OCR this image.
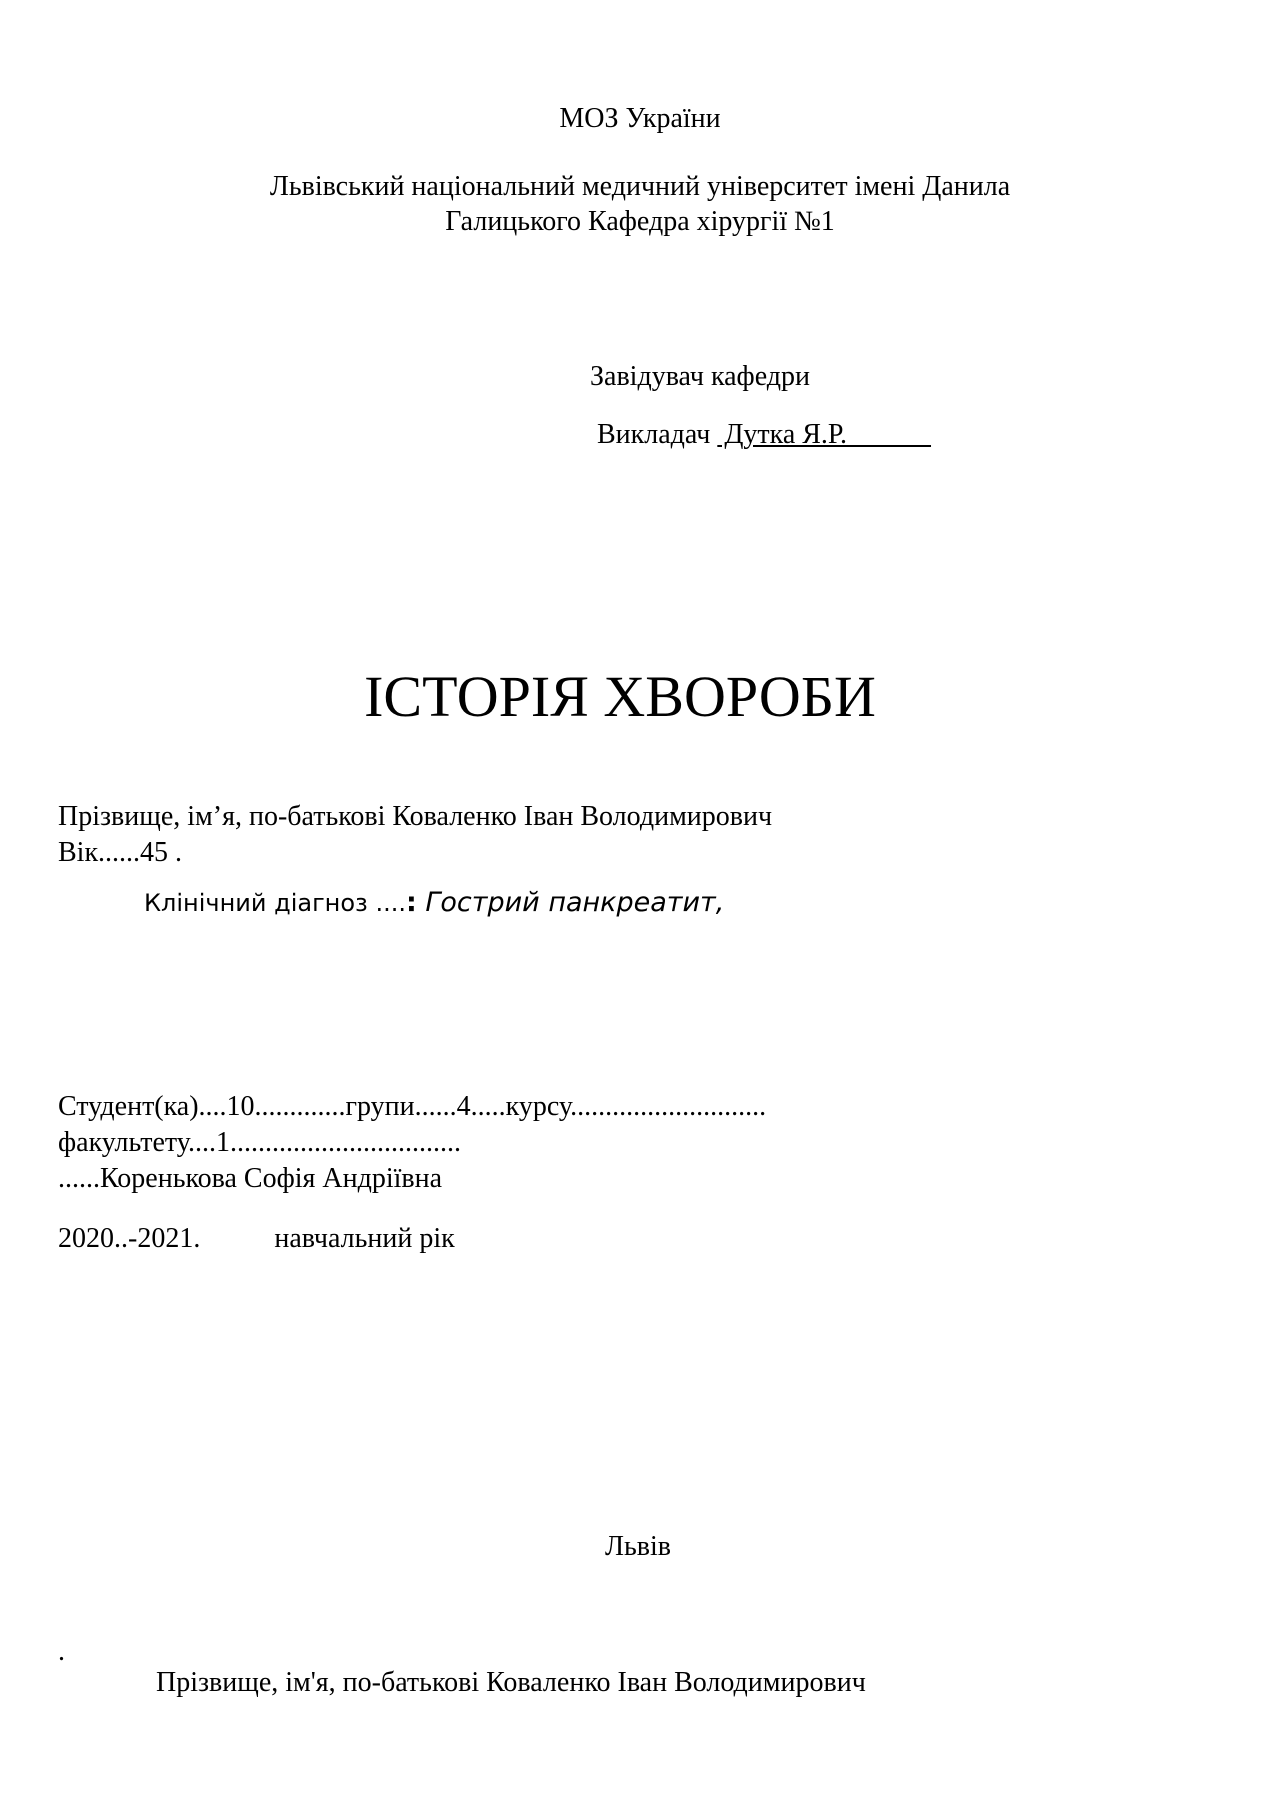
МОЗ України
Львівський національний медичний університет імені Данила
Галицького Кафедра хірургії №1
Завідувач кафедри
Викладач  Дутка Я.Р.
ІСТОРІЯ ХВОРОБИ
Прізвище, ім’я, по-батькові Коваленко Іван Володимирович
Вік......45 .
Клінічний діагноз ....: Гострий панкреатит,
Студент(ка)....10.............групи......4.....курсу............................
факультету....1.................................
......Коренькова Софія Андріївна
2020..-2021.	навчальний рік
Львів
.
Прізвище, ім'я, по-батькові Коваленко Іван Володимирович
